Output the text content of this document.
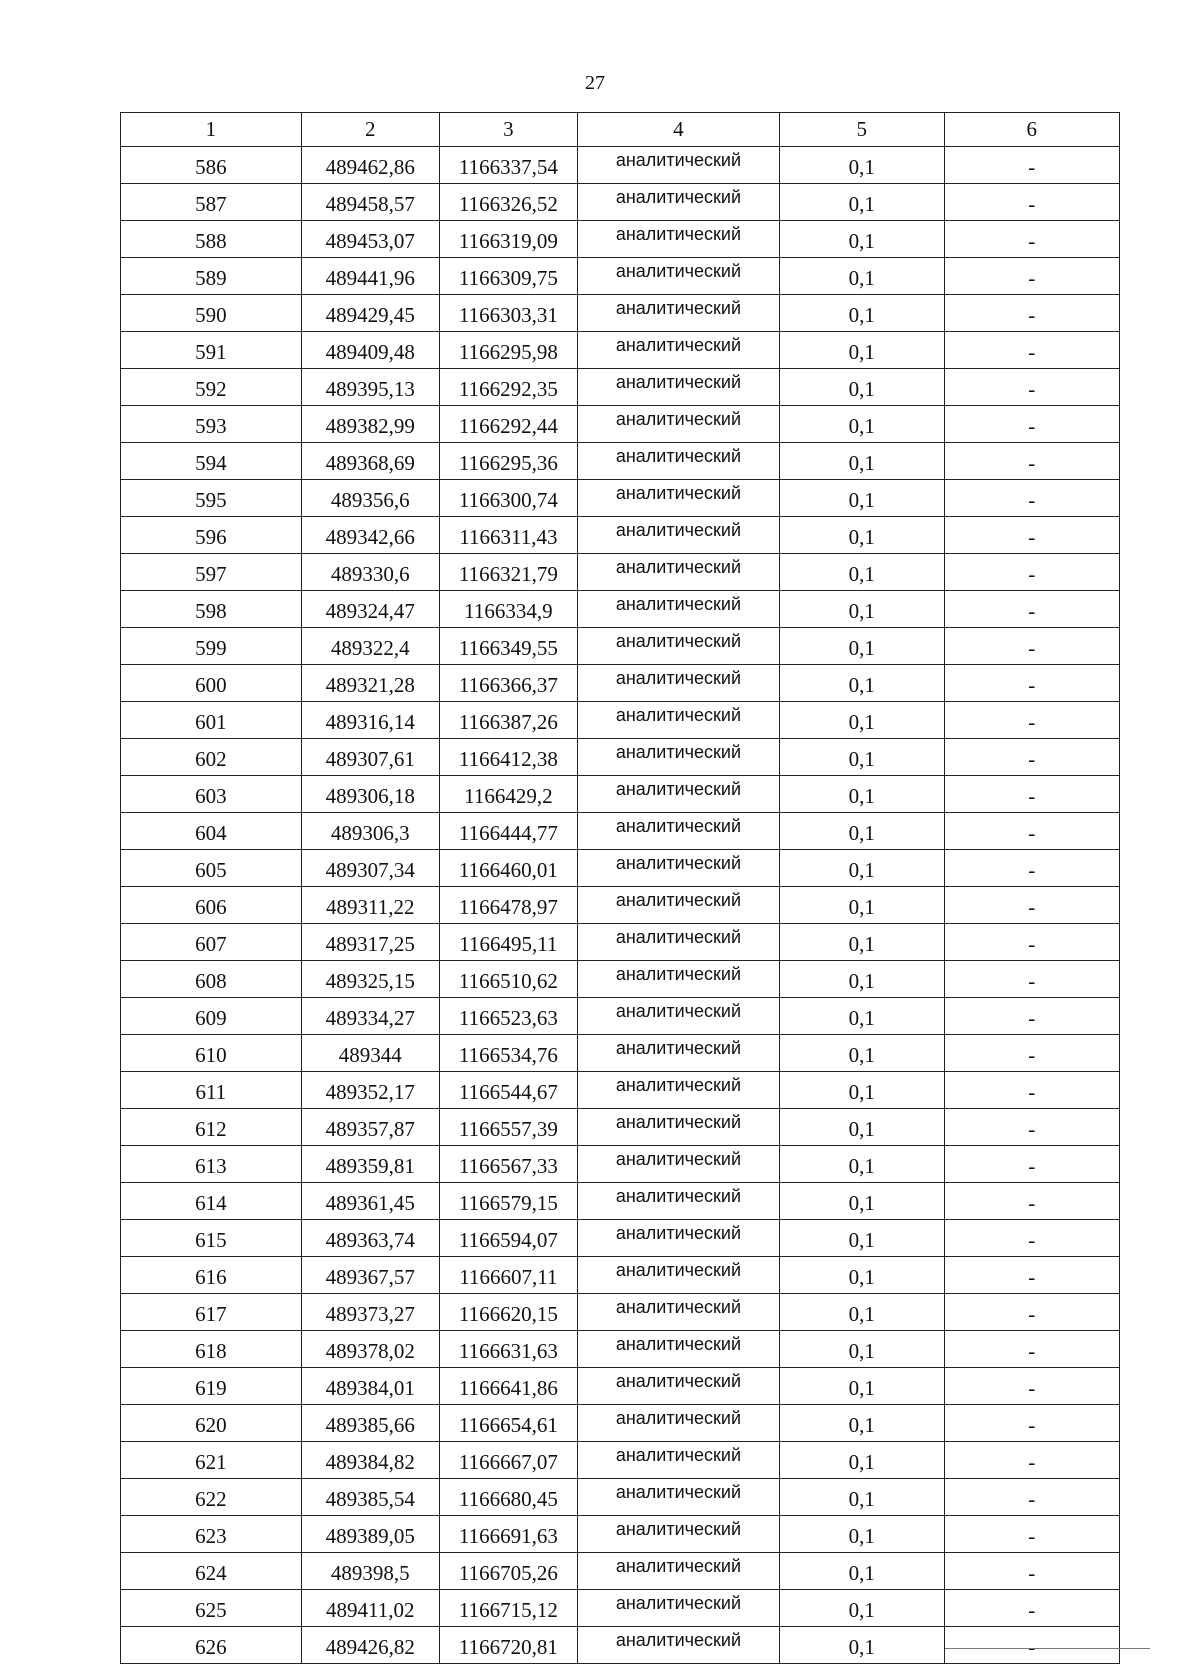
27
1	2	3	4	5	6
586	489462,86	1166337,54	аналитический	0,1	-
587	489458,57	1166326,52	аналитический	0,1	-
588	489453,07	1166319,09	аналитический	0,1	-
589	489441,96	1166309,75	аналитический	0,1	-
590	489429,45	1166303,31	аналитический	0,1	-
591	489409,48	1166295,98	аналитический	0,1	-
592	489395,13	1166292,35	аналитический	0,1	-
593	489382,99	1166292,44	аналитический	0,1	-
594	489368,69	1166295,36	аналитический	0,1	-
595	489356,6	1166300,74	аналитический	0,1	-
596	489342,66	1166311,43	аналитический	0,1	-
597	489330,6	1166321,79	аналитический	0,1	-
598	489324,47	1166334,9	аналитический	0,1	-
599	489322,4	1166349,55	аналитический	0,1	-
600	489321,28	1166366,37	аналитический	0,1	-
601	489316,14	1166387,26	аналитический	0,1	-
602	489307,61	1166412,38	аналитический	0,1	-
603	489306,18	1166429,2	аналитический	0,1	-
604	489306,3	1166444,77	аналитический	0,1	-
605	489307,34	1166460,01	аналитический	0,1	-
606	489311,22	1166478,97	аналитический	0,1	-
607	489317,25	1166495,11	аналитический	0,1	-
608	489325,15	1166510,62	аналитический	0,1	-
609	489334,27	1166523,63	аналитический	0,1	-
610	489344	1166534,76	аналитический	0,1	-
611	489352,17	1166544,67	аналитический	0,1	-
612	489357,87	1166557,39	аналитический	0,1	-
613	489359,81	1166567,33	аналитический	0,1	-
614	489361,45	1166579,15	аналитический	0,1	-
615	489363,74	1166594,07	аналитический	0,1	-
616	489367,57	1166607,11	аналитический	0,1	-
617	489373,27	1166620,15	аналитический	0,1	-
618	489378,02	1166631,63	аналитический	0,1	-
619	489384,01	1166641,86	аналитический	0,1	-
620	489385,66	1166654,61	аналитический	0,1	-
621	489384,82	1166667,07	аналитический	0,1	-
622	489385,54	1166680,45	аналитический	0,1	-
623	489389,05	1166691,63	аналитический	0,1	-
624	489398,5	1166705,26	аналитический	0,1	-
625	489411,02	1166715,12	аналитический	0,1	-
626	489426,82	1166720,81	аналитический	0,1	-
